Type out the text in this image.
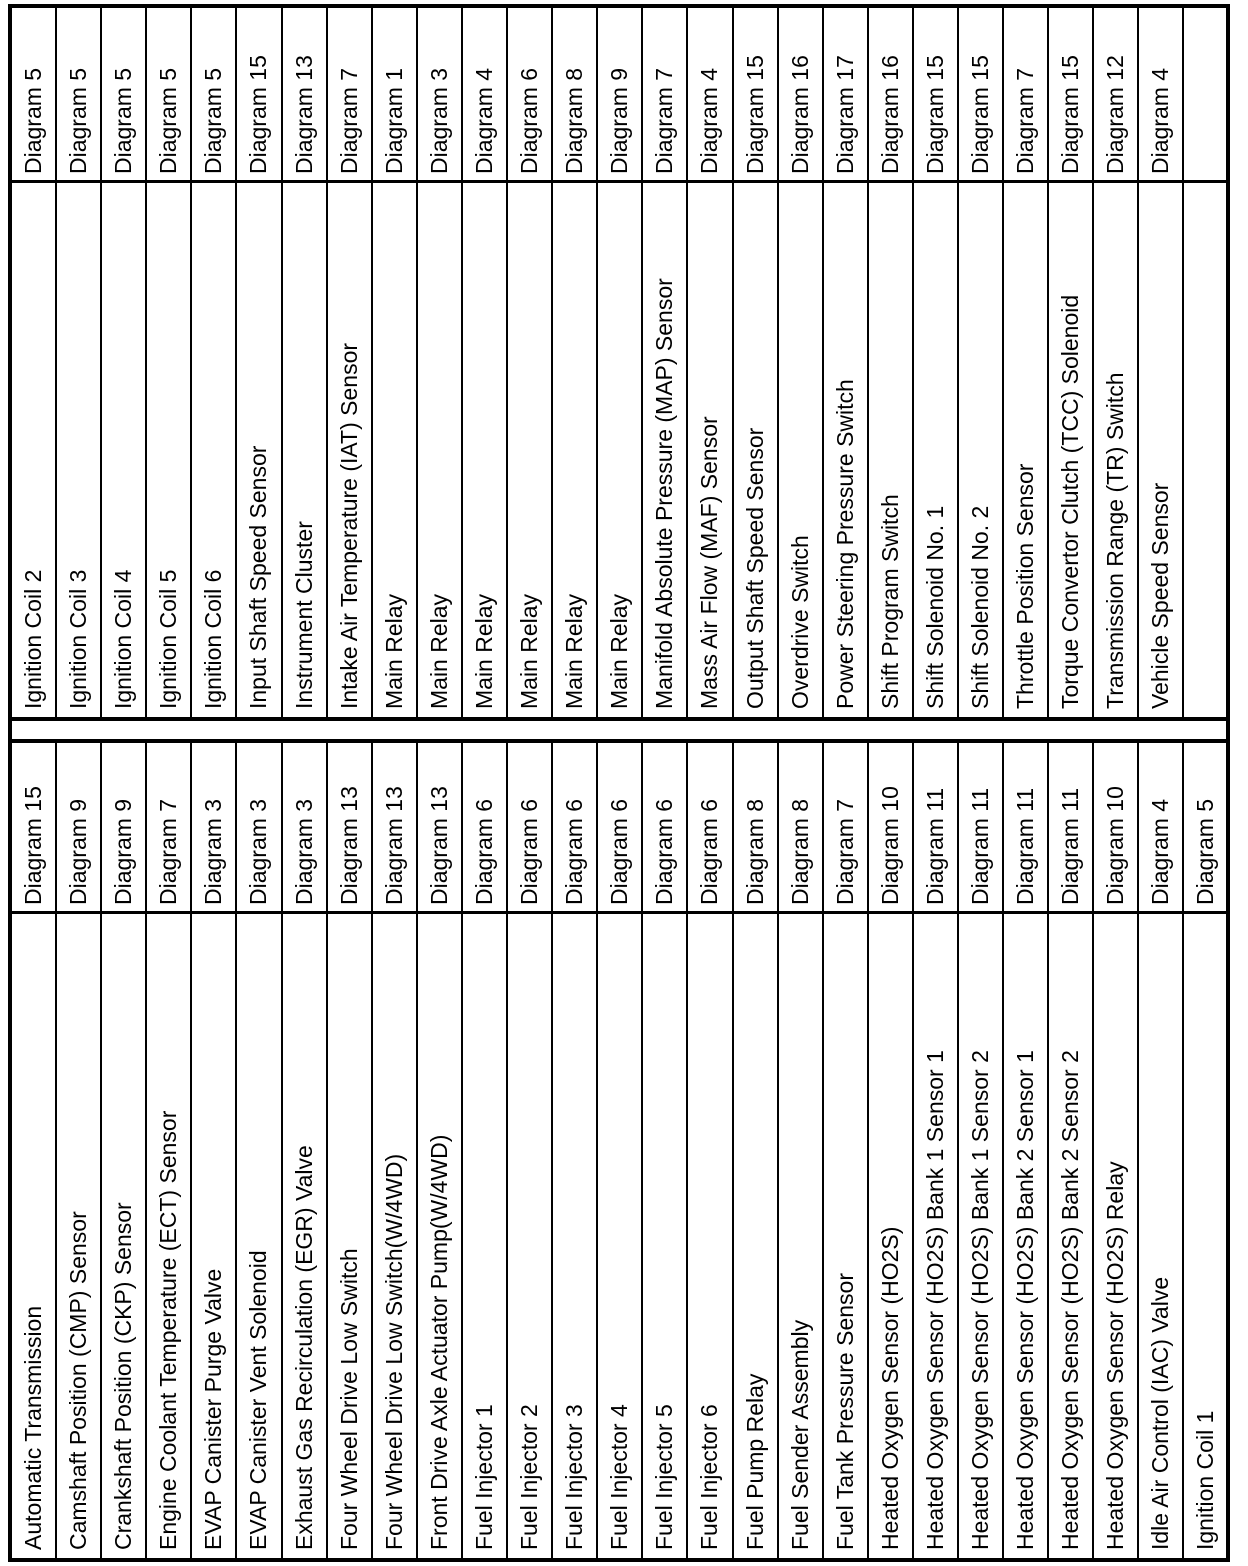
Automatic Transmission
Diagram 15
Camshaft Position (CMP) Sensor
Diagram 9
Crankshaft Position (CKP) Sensor
Diagram 9
Engine Coolant Temperature (ECT) Sensor
Diagram 7
EVAP Canister Purge Valve
Diagram 3
EVAP Canister Vent Solenoid
Diagram 3
Exhaust Gas Recirculation (EGR) Valve
Diagram 3
Four Wheel Drive Low Switch
Diagram 13
Four Wheel Drive Low Switch(W/4WD)
Diagram 13
Front Drive Axle Actuator Pump(W/4WD)
Diagram 13
Fuel Injector 1
Diagram 6
Fuel Injector 2
Diagram 6
Fuel Injector 3
Diagram 6
Fuel Injector 4
Diagram 6
Fuel Injector 5
Diagram 6
Fuel Injector 6
Diagram 6
Fuel Pump Relay
Diagram 8
Fuel Sender Assembly
Diagram 8
Fuel Tank Pressure Sensor
Diagram 7
Heated Oxygen Sensor (HO2S)
Diagram 10
Heated Oxygen Sensor (HO2S) Bank 1 Sensor 1
Diagram 11
Heated Oxygen Sensor (HO2S) Bank 1 Sensor 2
Diagram 11
Heated Oxygen Sensor (HO2S) Bank 2 Sensor 1
Diagram 11
Heated Oxygen Sensor (HO2S) Bank 2 Sensor 2
Diagram 11
Heated Oxygen Sensor (HO2S) Relay
Diagram 10
Idle Air Control (IAC) Valve
Diagram 4
Ignition Coil 1
Diagram 5
Ignition Coil 2
Diagram 5
Ignition Coil 3
Diagram 5
Ignition Coil 4
Diagram 5
Ignition Coil 5
Diagram 5
Ignition Coil 6
Diagram 5
Input Shaft Speed Sensor
Diagram 15
Instrument Cluster
Diagram 13
Intake Air Temperature (IAT) Sensor
Diagram 7
Main Relay
Diagram 1
Main Relay
Diagram 3
Main Relay
Diagram 4
Main Relay
Diagram 6
Main Relay
Diagram 8
Main Relay
Diagram 9
Manifold Absolute Pressure (MAP) Sensor
Diagram 7
Mass Air Flow (MAF) Sensor
Diagram 4
Output Shaft Speed Sensor
Diagram 15
Overdrive Switch
Diagram 16
Power Steering Pressure Switch
Diagram 17
Shift Program Switch
Diagram 16
Shift Solenoid No. 1
Diagram 15
Shift Solenoid No. 2
Diagram 15
Throttle Position Sensor
Diagram 7
Torque Convertor Clutch (TCC) Solenoid
Diagram 15
Transmission Range (TR) Switch
Diagram 12
Vehicle Speed Sensor
Diagram 4
